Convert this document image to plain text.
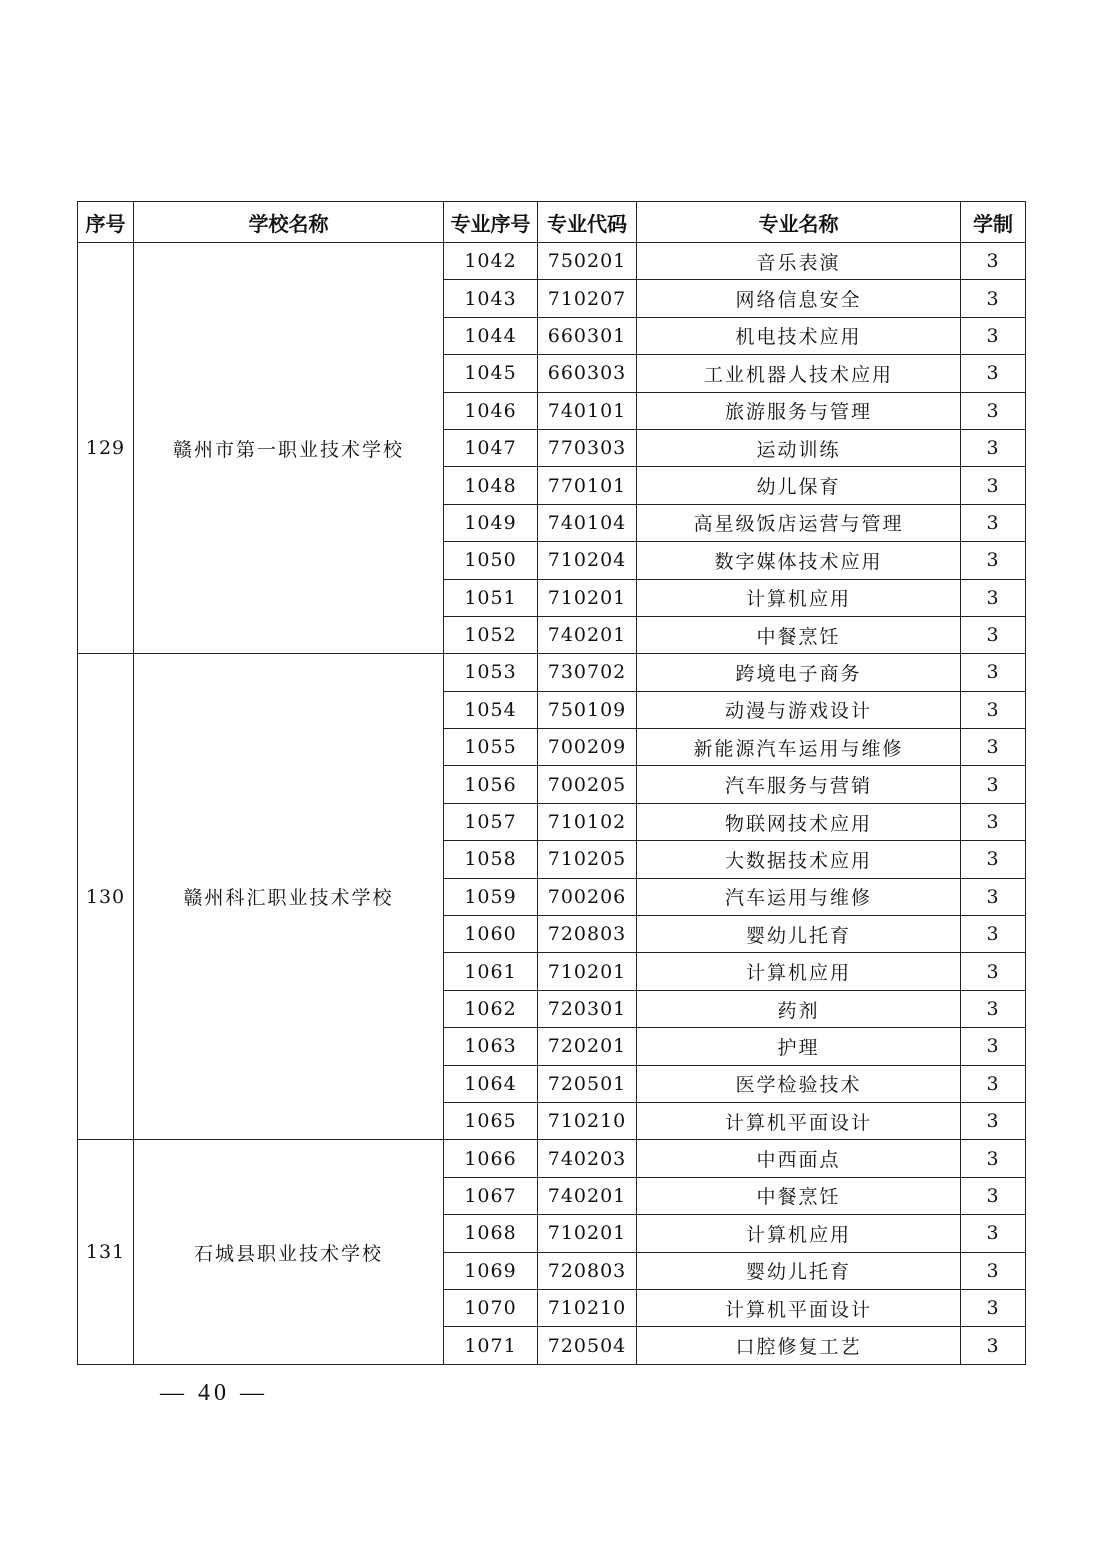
序号	学校名称	专业序号	专业代码	专业名称	学制
129	赣州市第一职业技术学校	1042	750201	音乐表演	3
		1043	710207	网络信息安全	3
		1044	660301	机电技术应用	3
		1045	660303	工业机器人技术应用	3
		1046	740101	旅游服务与管理	3
		1047	770303	运动训练	3
		1048	770101	幼儿保育	3
		1049	740104	高星级饭店运营与管理	3
		1050	710204	数字媒体技术应用	3
		1051	710201	计算机应用	3
		1052	740201	中餐烹饪	3
130	赣州科汇职业技术学校	1053	730702	跨境电子商务	3
		1054	750109	动漫与游戏设计	3
		1055	700209	新能源汽车运用与维修	3
		1056	700205	汽车服务与营销	3
		1057	710102	物联网技术应用	3
		1058	710205	大数据技术应用	3
		1059	700206	汽车运用与维修	3
		1060	720803	婴幼儿托育	3
		1061	710201	计算机应用	3
		1062	720301	药剂	3
		1063	720201	护理	3
		1064	720501	医学检验技术	3
		1065	710210	计算机平面设计	3
131	石城县职业技术学校	1066	740203	中西面点	3
		1067	740201	中餐烹饪	3
		1068	710201	计算机应用	3
		1069	720803	婴幼儿托育	3
		1070	710210	计算机平面设计	3
		1071	720504	口腔修复工艺	3
— 40 —
